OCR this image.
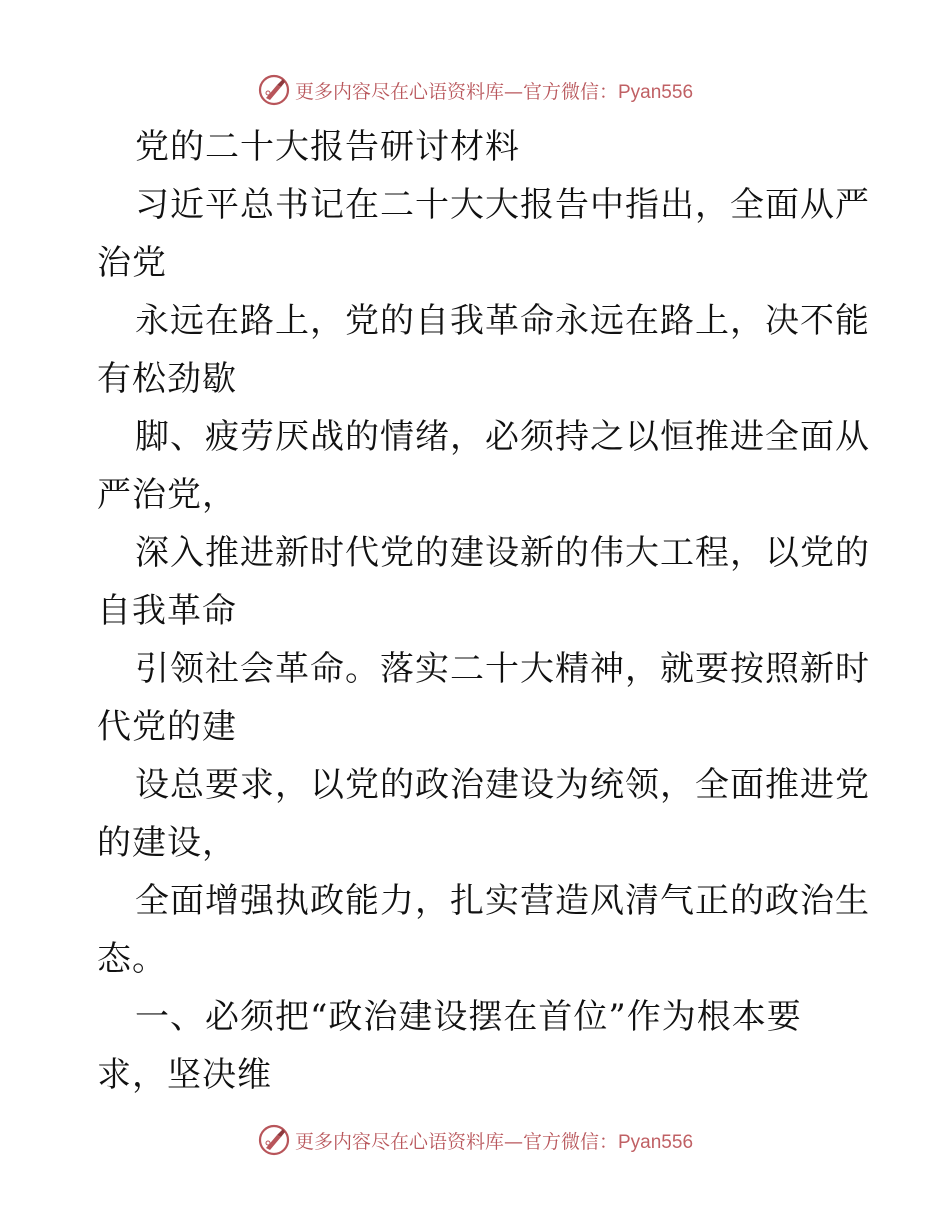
更多内容尽在心语资料库—官方微信：Pyan556
党的二十大报告研讨材料
习近平总书记在二十大大报告中指出，全面从严
治党
永远在路上，党的自我革命永远在路上，决不能
有松劲歇
脚、疲劳厌战的情绪，必须持之以恒推进全面从
严治党，
深入推进新时代党的建设新的伟大工程，以党的
自我革命
引领社会革命。落实二十大精神，就要按照新时
代党的建
设总要求，以党的政治建设为统领，全面推进党
的建设，
全面增强执政能力，扎实营造风清气正的政治生
态。
一、必须把“政治建设摆在首位”作为根本要
求，坚决维
更多内容尽在心语资料库—官方微信：Pyan556
